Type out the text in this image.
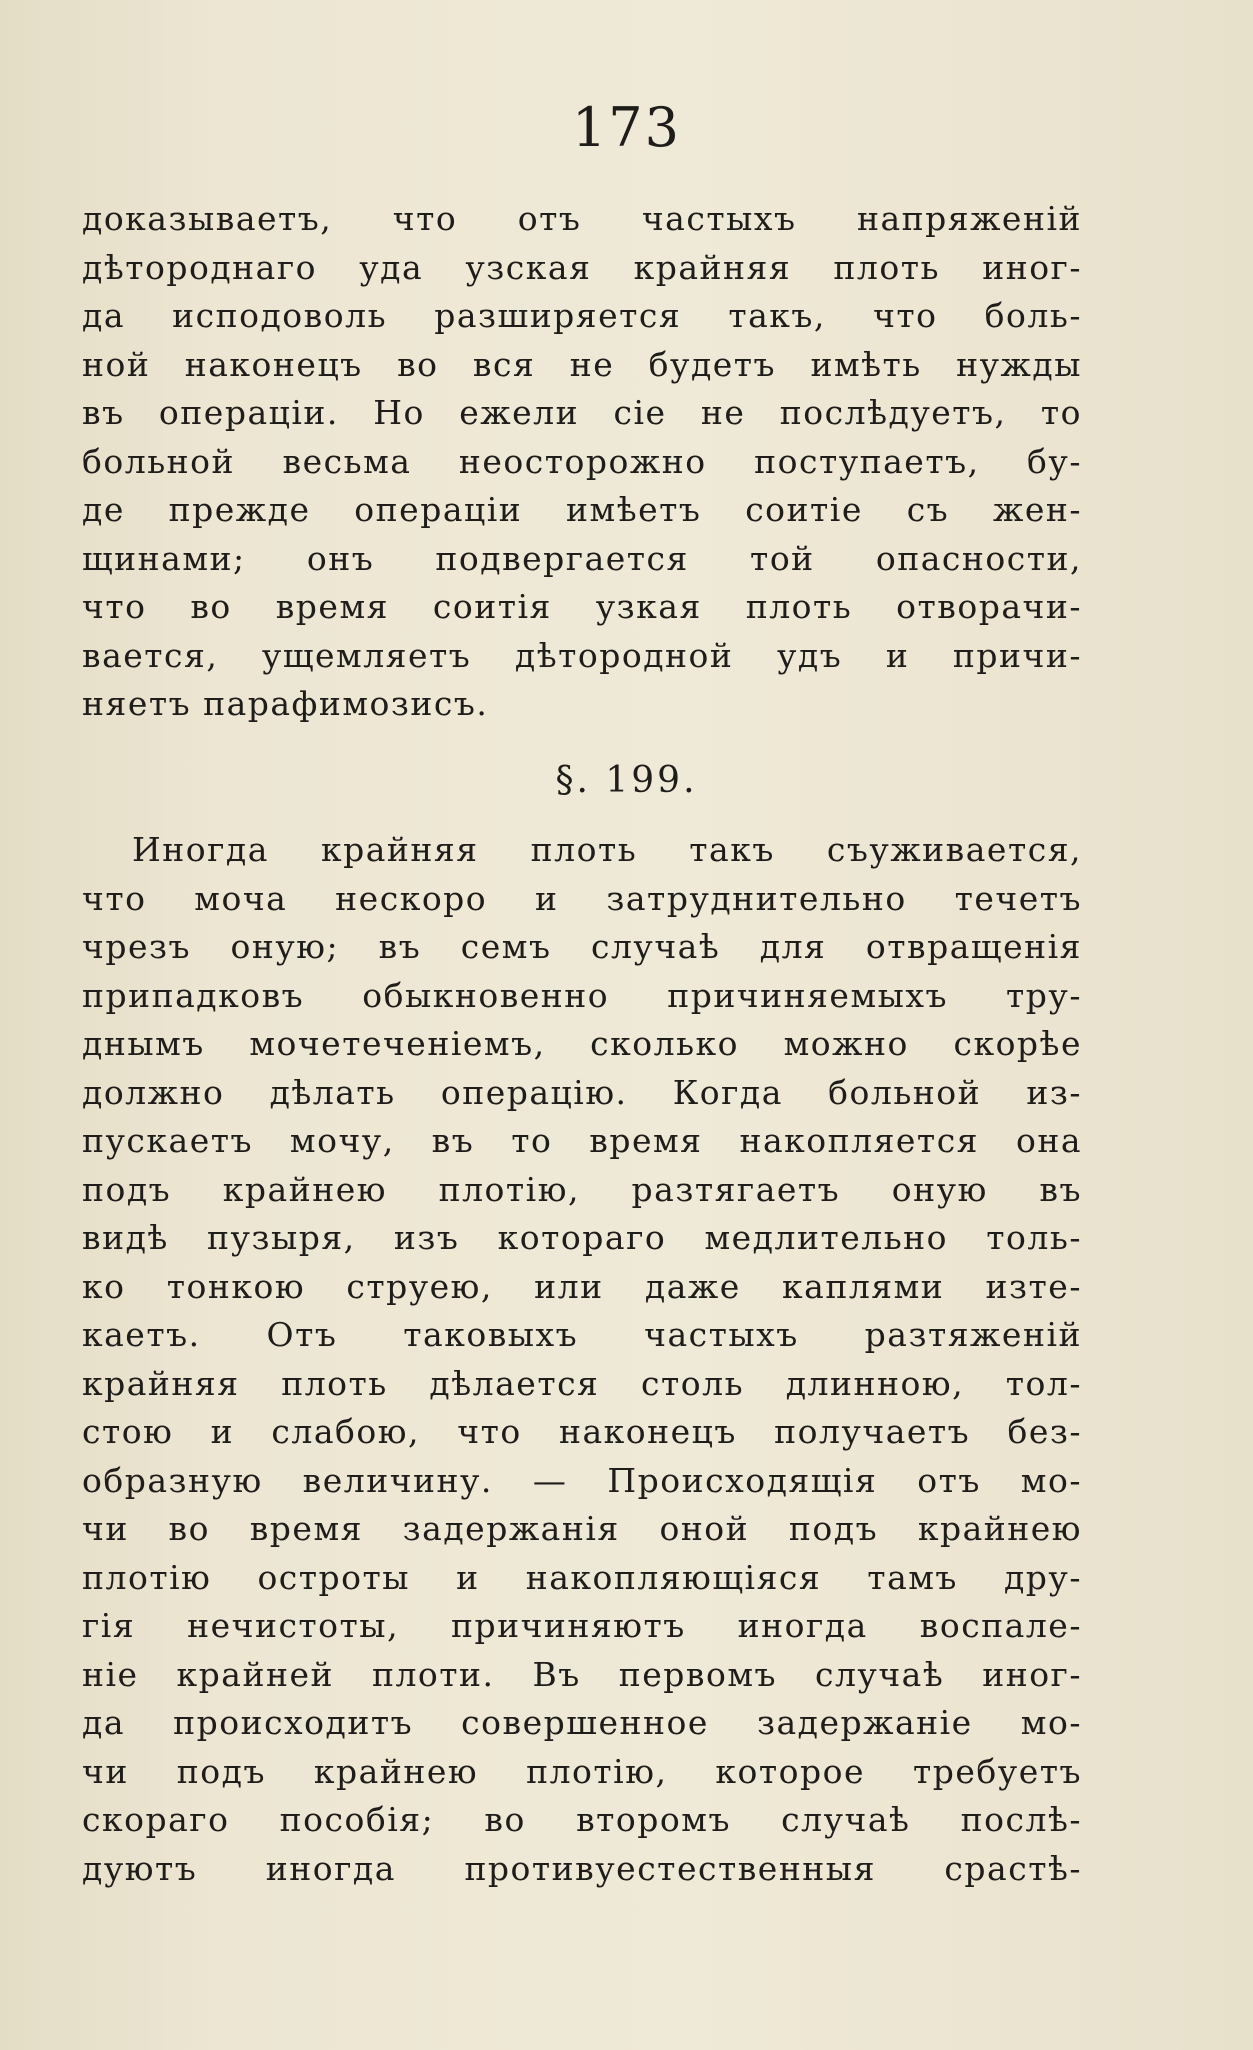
173
доказываетъ, что отъ частыхъ напряженiй
дѣтороднаго уда узская крайняя плоть иног-
да исподоволь разширяется такъ, что боль-
ной наконецъ во вся не будетъ имѣть нужды
въ операцiи. Но ежели сiе не послѣдуетъ, то
больной весьма неосторожно поступаетъ, бу-
де прежде операцiи имѣетъ соитiе съ жен-
щинами; онъ подвергается той опасности,
что во время соитiя узкая плоть отворачи-
вается, ущемляетъ дѣтородной удъ и причи-
няетъ парафимозисъ.
§. 199.
Иногда крайняя плоть такъ съуживается,
что моча нескоро и затруднительно течетъ
чрезъ оную; въ семъ случаѣ для отвращенiя
припадковъ обыкновенно причиняемыхъ тру-
днымъ мочетеченiемъ, сколько можно скорѣе
должно дѣлать операцiю. Когда больной из-
пускаетъ мочу, въ то время накопляется она
подъ крайнею плотiю, разтягаетъ оную въ
видѣ пузыря, изъ котораго медлительно толь-
ко тонкою струею, или даже каплями изте-
каетъ. Отъ таковыхъ частыхъ разтяженiй
крайняя плоть дѣлается столь длинною, тол-
стою и слабою, что наконецъ получаетъ без-
образную величину. — Происходящiя отъ мо-
чи во время задержанiя оной подъ крайнею
плотiю остроты и накопляющiяся тамъ дру-
гiя нечистоты, причиняютъ иногда воспале-
нiе крайней плоти. Въ первомъ случаѣ иног-
да происходитъ совершенное задержанiе мо-
чи подъ крайнею плотiю, которое требуетъ
скораго пособiя; во второмъ случаѣ послѣ-
дуютъ иногда противуестественныя срастѣ-
